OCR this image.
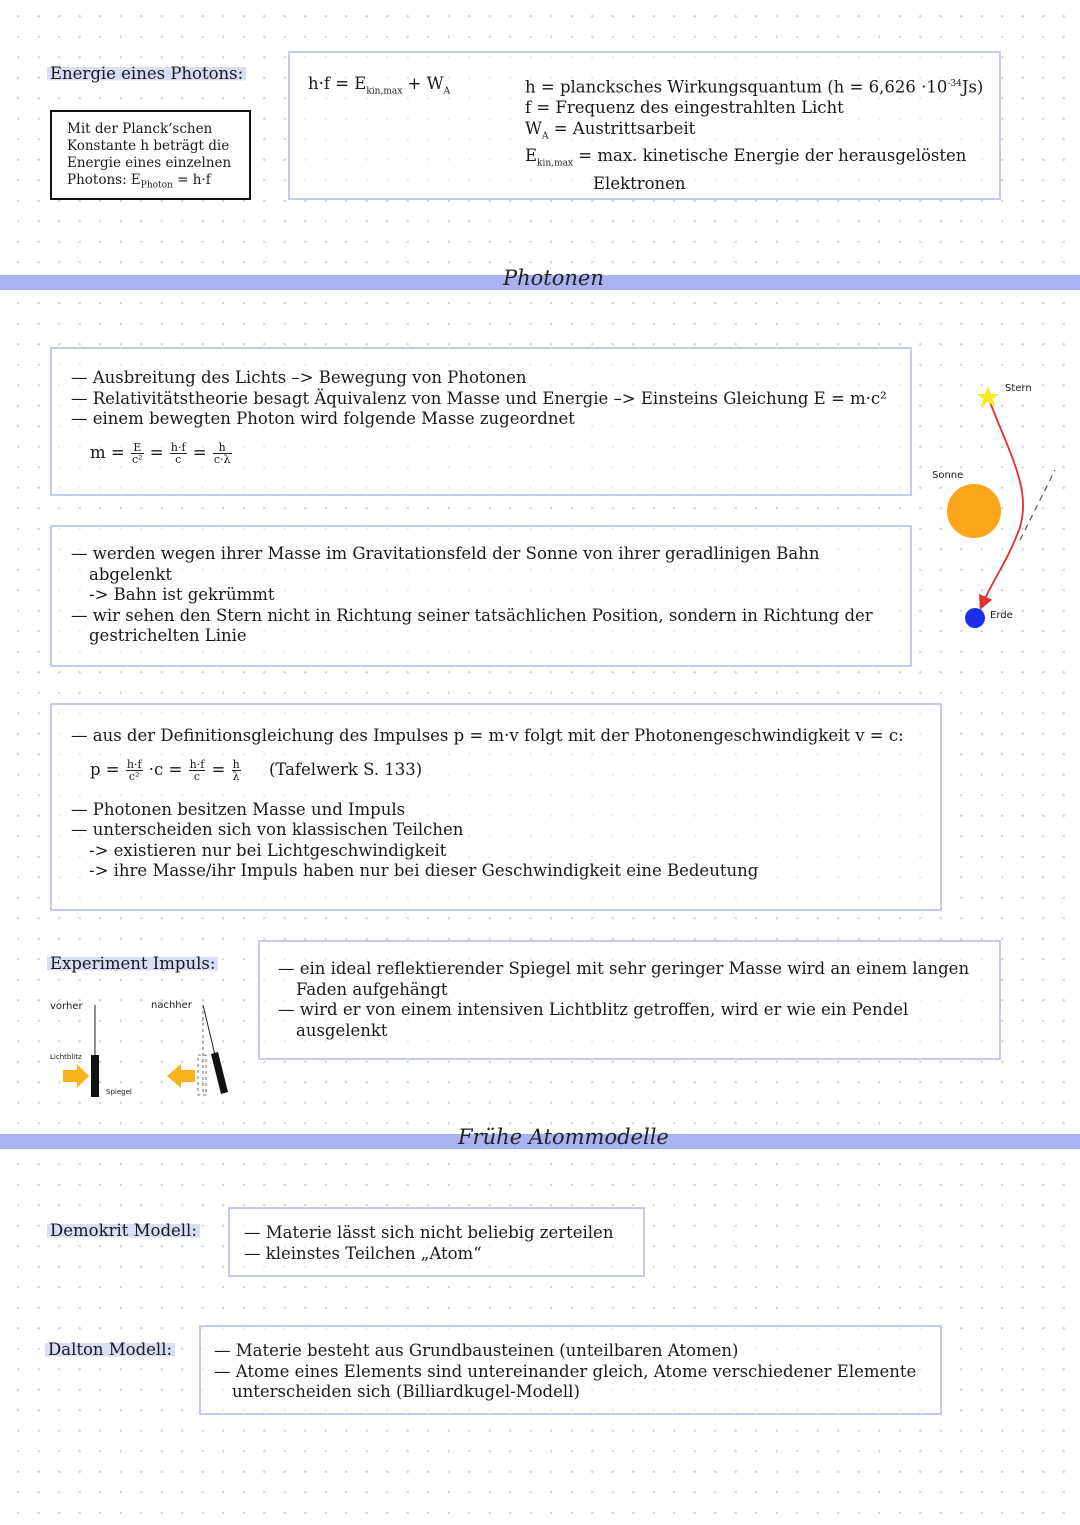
Energie eines Photons:
Mit der Planck‘schen
Konstante h beträgt die
Energie eines einzelnen
Photons: $E_{Photon} = h\cdot f$
$h\cdot f = E_{kin,max} + W_A$	h = plancksches Wirkungsquantum $(h = 6,626 \cdot 10^{-34}Js)$
f = Frequenz des eingestrahlten Licht
$W_A$ = Austrittsarbeit
$E_{kin,max} = \max$. kinetische Energie der herausgelösten
Elektronen
Photonen
— Ausbreitung des Lichts –> Bewegung von Photonen
— Relativitätstheorie besagt Äquivalenz von Masse und Energie –> Einsteins Gleichung E = m·c²
— einem bewegten Photon wird folgende Masse zugeordnet
$m = \frac{E}{\text{c²}} = \frac{h\cdot f}{c} = \frac{h}{c\cdot\lambda}$
— werden wegen ihrer Masse im Gravitationsfeld der Sonne von ihrer geradlinigen Bahn
abgelenkt
-> Bahn ist gekrümmt
— wir sehen den Stern nicht in Richtung seiner tatsächlichen Position, sondern in Richtung der
gestrichelten Linie
Stern
Sonne
Erde
— aus der Definitionsgleichung des Impulses p = m·v folgt mit der Photonengeschwindigkeit v = c:
$p = \frac{h\cdot f}{\text{c²}} \cdot c = \frac{h\cdot f}{c} = \frac{h}{\lambda}$ (Tafelwerk S. 133)
— Photonen besitzen Masse und Impuls
— unterscheiden sich von klassischen Teilchen
-> existieren nur bei Lichtgeschwindigkeit
-> ihre Masse/ihr Impuls haben nur bei dieser Geschwindigkeit eine Bedeutung
Experiment Impuls:
vorher	nachher
Lichtblitz
Spiegel
— ein ideal reflektierender Spiegel mit sehr geringer Masse wird an einem langen
Faden aufgehängt
— wird er von einem intensiven Lichtblitz getroffen, wird er wie ein Pendel
ausgelenkt
Frühe Atommodelle
Demokrit Modell:	— Materie lässt sich nicht beliebig zerteilen
— kleinstes Teilchen „Atom“
Dalton Modell:	— Materie besteht aus Grundbausteinen (unteilbaren Atomen)
— Atome eines Elements sind untereinander gleich, Atome verschiedener Elemente
unterscheiden sich (Billiardkugel-Modell)
